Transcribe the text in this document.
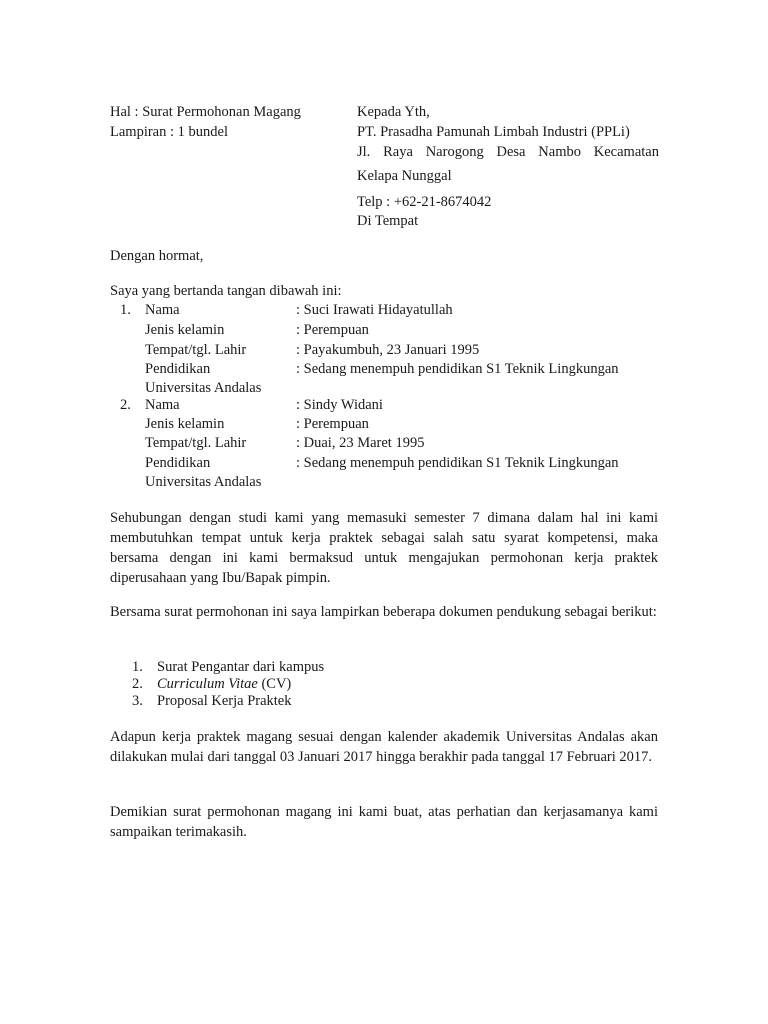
Hal : Surat Permohonan Magang
Lampiran : 1 bundel
Kepada Yth,
PT. Prasadha Pamunah Limbah Industri (PPLi)
Jl. Raya Narogong Desa Nambo Kecamatan
Kelapa Nunggal
Telp : +62-21-8674042
Di Tempat
Dengan hormat,
Saya yang bertanda tangan dibawah ini:
1. Nama	: Suci Irawati Hidayatullah
Jenis kelamin	: Perempuan
Tempat/tgl. Lahir	: Payakumbuh, 23 Januari 1995
Pendidikan	: Sedang menempuh pendidikan S1 Teknik Lingkungan
Universitas Andalas
2. Nama	: Sindy Widani
Jenis kelamin	: Perempuan
Tempat/tgl. Lahir	: Duai, 23 Maret 1995
Pendidikan	: Sedang menempuh pendidikan S1 Teknik Lingkungan
Universitas Andalas
Sehubungan dengan studi kami yang memasuki semester 7 dimana dalam hal ini kami membutuhkan tempat untuk kerja praktek sebagai salah satu syarat kompetensi, maka bersama dengan ini kami bermaksud untuk mengajukan permohonan kerja praktek diperusahaan yang Ibu/Bapak pimpin.
Bersama surat permohonan ini saya lampirkan beberapa dokumen pendukung sebagai berikut:
1. Surat Pengantar dari kampus
2. Curriculum Vitae (CV)
3. Proposal Kerja Praktek
Adapun kerja praktek magang sesuai dengan kalender akademik Universitas Andalas akan dilakukan mulai dari tanggal 03 Januari 2017 hingga berakhir pada tanggal 17 Februari 2017.
Demikian surat permohonan magang ini kami buat, atas perhatian dan kerjasamanya kami sampaikan terimakasih.
